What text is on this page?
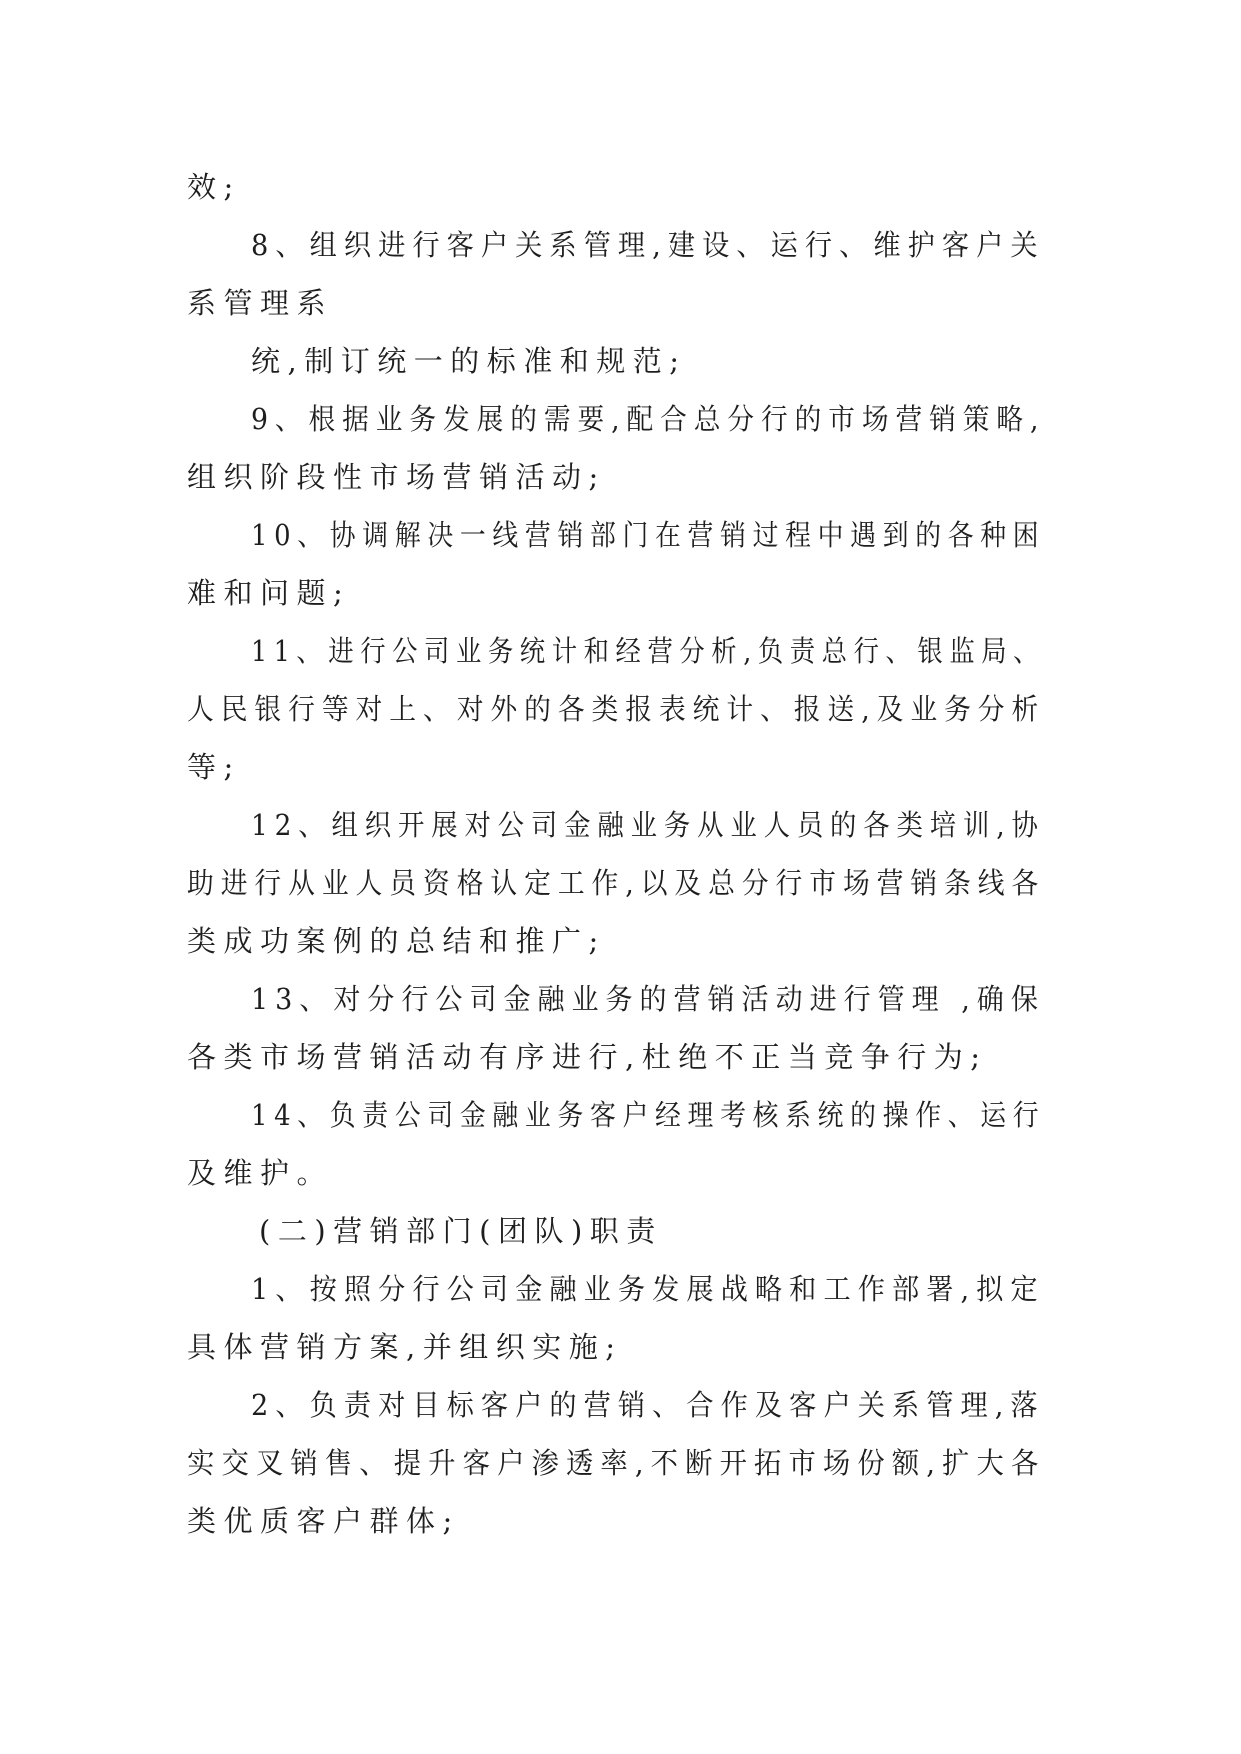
效;
8、组织进行客户关系管理,建设、运行、维护客户关
系管理系
统,制订统一的标准和规范;
9、根据业务发展的需要,配合总分行的市场营销策略,
组织阶段性市场营销活动;
10、协调解决一线营销部门在营销过程中遇到的各种困
难和问题;
11、进行公司业务统计和经营分析,负责总行、银监局、
人民银行等对上、对外的各类报表统计、报送,及业务分析
等;
12、组织开展对公司金融业务从业人员的各类培训,协
助进行从业人员资格认定工作,以及总分行市场营销条线各
类成功案例的总结和推广;
13、对分行公司金融业务的营销活动进行管理 ,确保
各类市场营销活动有序进行,杜绝不正当竞争行为;
14、负责公司金融业务客户经理考核系统的操作、运行
及维护。
(二)营销部门(团队)职责
1、按照分行公司金融业务发展战略和工作部署,拟定
具体营销方案,并组织实施;
2、负责对目标客户的营销、合作及客户关系管理,落
实交叉销售、提升客户渗透率,不断开拓市场份额,扩大各
类优质客户群体;
